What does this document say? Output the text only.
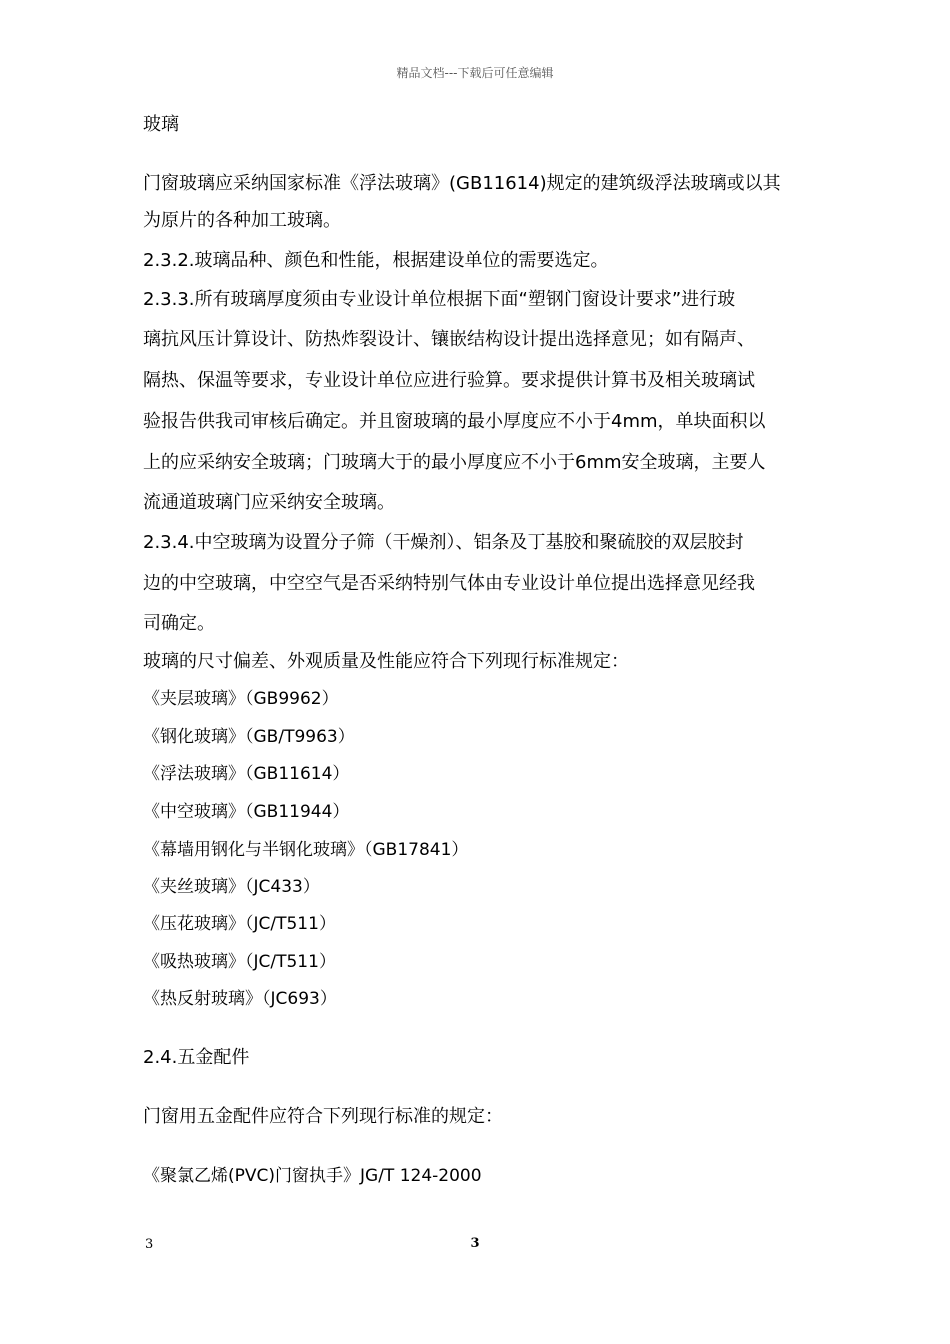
精品文档---下载后可任意编辑
玻璃
门窗玻璃应采纳国家标准《浮法玻璃》(GB11614)规定的建筑级浮法玻璃或以其
为原片的各种加工玻璃。
2.3.2.玻璃品种、颜色和性能，根据建设单位的需要选定。
2.3.3.所有玻璃厚度须由专业设计单位根据下面“塑钢门窗设计要求”进行玻
璃抗风压计算设计、防热炸裂设计、镶嵌结构设计提出选择意见；如有隔声、
隔热、保温等要求，专业设计单位应进行验算。要求提供计算书及相关玻璃试
验报告供我司审核后确定。并且窗玻璃的最小厚度应不小于4mm，单块面积以
上的应采纳安全玻璃；门玻璃大于的最小厚度应不小于6mm安全玻璃，主要人
流通道玻璃门应采纳安全玻璃。
2.3.4.中空玻璃为设置分子筛（干燥剂）、铝条及丁基胶和聚硫胶的双层胶封
边的中空玻璃，中空空气是否采纳特别气体由专业设计单位提出选择意见经我
司确定。
玻璃的尺寸偏差、外观质量及性能应符合下列现行标准规定：
《夹层玻璃》（GB9962）
《钢化玻璃》（GB/T9963）
《浮法玻璃》（GB11614）
《中空玻璃》（GB11944）
《幕墙用钢化与半钢化玻璃》（GB17841）
《夹丝玻璃》（JC433）
《压花玻璃》（JC/T511）
《吸热玻璃》（JC/T511）
《热反射玻璃》（JC693）
2.4.五金配件
门窗用五金配件应符合下列现行标准的规定：
《聚氯乙烯(PVC)门窗执手》JG/T 124-2000
3	3
